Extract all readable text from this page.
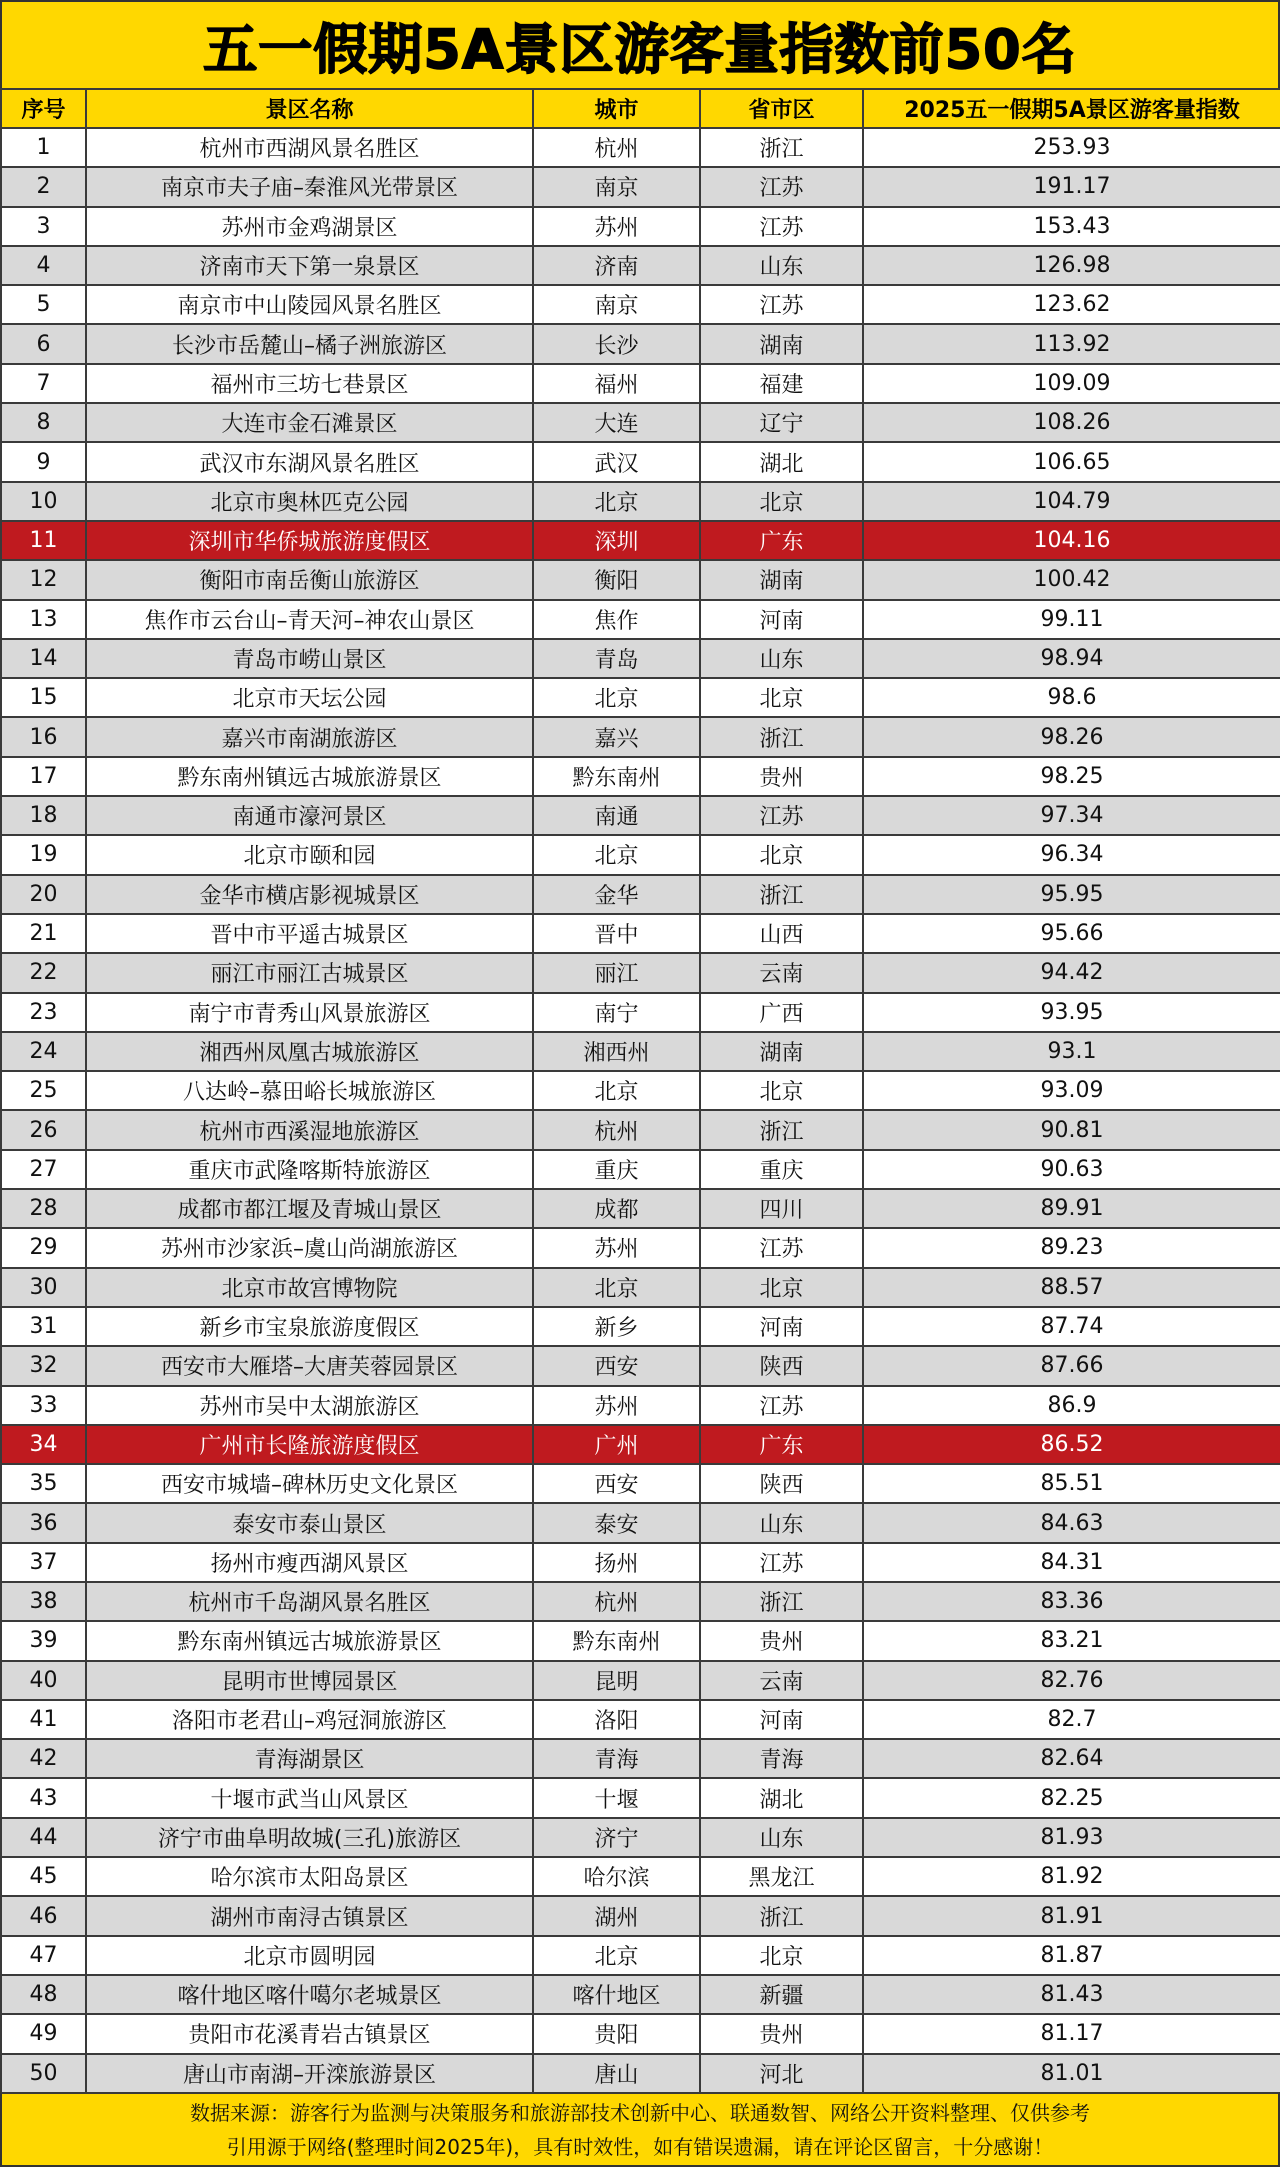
五一假期5A景区游客量指数前50名
序号	景区名称	城市	省市区	2025五一假期5A景区游客量指数
1	杭州市西湖风景名胜区	杭州	浙江	253.93
2	南京市夫子庙–秦淮风光带景区	南京	江苏	191.17
3	苏州市金鸡湖景区	苏州	江苏	153.43
4	济南市天下第一泉景区	济南	山东	126.98
5	南京市中山陵园风景名胜区	南京	江苏	123.62
6	长沙市岳麓山–橘子洲旅游区	长沙	湖南	113.92
7	福州市三坊七巷景区	福州	福建	109.09
8	大连市金石滩景区	大连	辽宁	108.26
9	武汉市东湖风景名胜区	武汉	湖北	106.65
10	北京市奥林匹克公园	北京	北京	104.79
11	深圳市华侨城旅游度假区	深圳	广东	104.16
12	衡阳市南岳衡山旅游区	衡阳	湖南	100.42
13	焦作市云台山–青天河–神农山景区	焦作	河南	99.11
14	青岛市崂山景区	青岛	山东	98.94
15	北京市天坛公园	北京	北京	98.6
16	嘉兴市南湖旅游区	嘉兴	浙江	98.26
17	黔东南州镇远古城旅游景区	黔东南州	贵州	98.25
18	南通市濠河景区	南通	江苏	97.34
19	北京市颐和园	北京	北京	96.34
20	金华市横店影视城景区	金华	浙江	95.95
21	晋中市平遥古城景区	晋中	山西	95.66
22	丽江市丽江古城景区	丽江	云南	94.42
23	南宁市青秀山风景旅游区	南宁	广西	93.95
24	湘西州凤凰古城旅游区	湘西州	湖南	93.1
25	八达岭–慕田峪长城旅游区	北京	北京	93.09
26	杭州市西溪湿地旅游区	杭州	浙江	90.81
27	重庆市武隆喀斯特旅游区	重庆	重庆	90.63
28	成都市都江堰及青城山景区	成都	四川	89.91
29	苏州市沙家浜–虞山尚湖旅游区	苏州	江苏	89.23
30	北京市故宫博物院	北京	北京	88.57
31	新乡市宝泉旅游度假区	新乡	河南	87.74
32	西安市大雁塔–大唐芙蓉园景区	西安	陕西	87.66
33	苏州市吴中太湖旅游区	苏州	江苏	86.9
34	广州市长隆旅游度假区	广州	广东	86.52
35	西安市城墙–碑林历史文化景区	西安	陕西	85.51
36	泰安市泰山景区	泰安	山东	84.63
37	扬州市瘦西湖风景区	扬州	江苏	84.31
38	杭州市千岛湖风景名胜区	杭州	浙江	83.36
39	黔东南州镇远古城旅游景区	黔东南州	贵州	83.21
40	昆明市世博园景区	昆明	云南	82.76
41	洛阳市老君山–鸡冠洞旅游区	洛阳	河南	82.7
42	青海湖景区	青海	青海	82.64
43	十堰市武当山风景区	十堰	湖北	82.25
44	济宁市曲阜明故城(三孔)旅游区	济宁	山东	81.93
45	哈尔滨市太阳岛景区	哈尔滨	黑龙江	81.92
46	湖州市南浔古镇景区	湖州	浙江	81.91
47	北京市圆明园	北京	北京	81.87
48	喀什地区喀什噶尔老城景区	喀什地区	新疆	81.43
49	贵阳市花溪青岩古镇景区	贵阳	贵州	81.17
50	唐山市南湖–开滦旅游景区	唐山	河北	81.01
数据来源：游客行为监测与决策服务和旅游部技术创新中心、联通数智、网络公开资料整理、仅供参考
引用源于网络(整理时间2025年)，具有时效性，如有错误遗漏，请在评论区留言，十分感谢！
